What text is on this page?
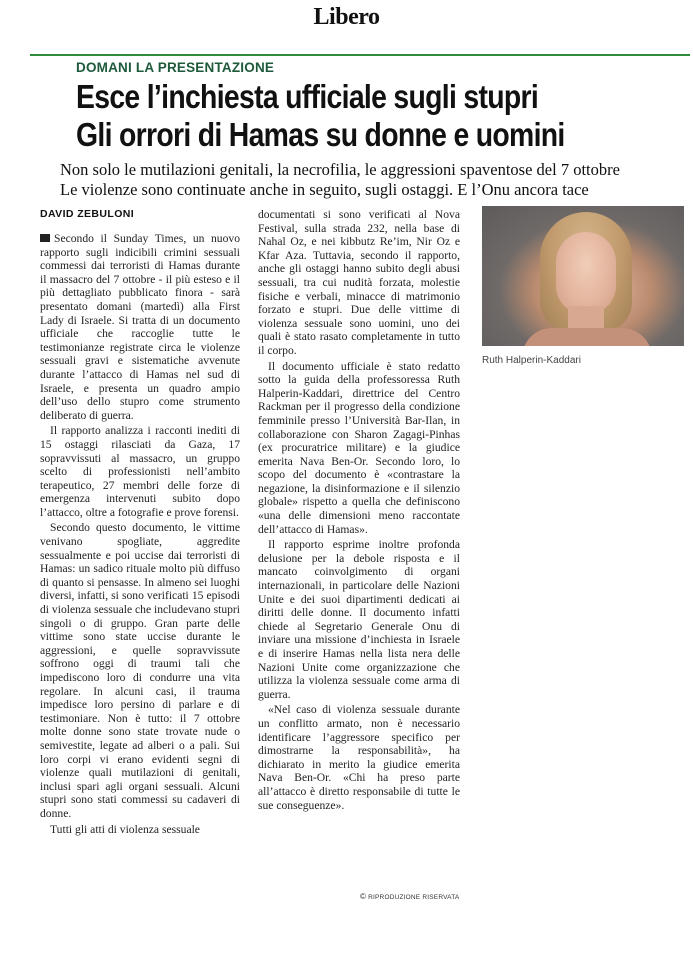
Libero
DOMANI LA PRESENTAZIONE
Esce l’inchiesta ufficiale sugli stupri
Gli orrori di Hamas su donne e uomini
Non solo le mutilazioni genitali, la necrofilia, le aggressioni spaventose del 7 ottobre
Le violenze sono continuate anche in seguito, sugli ostaggi. E l’Onu ancora tace
DAVID ZEBULONI

Secondo il Sunday Times, un nuovo rapporto sugli indicibili crimini sessuali commessi dai terroristi di Hamas durante il massacro del 7 ottobre - il più esteso e il più dettagliato pubblicato finora - sarà presentato domani (martedì) alla First Lady di Israele. Si tratta di un documento ufficiale che raccoglie tutte le testimonianze registrate circa le violenze sessuali gravi e sistematiche avvenute durante l’attacco di Hamas nel sud di Israele, e presenta un quadro ampio dell’uso dello stupro come strumento deliberato di guerra.

Il rapporto analizza i racconti inediti di 15 ostaggi rilasciati da Gaza, 17 sopravvissuti al massacro, un gruppo scelto di professionisti nell’ambito terapeutico, 27 membri delle forze di emergenza intervenuti subito dopo l’attacco, oltre a fotografie e prove forensi.

Secondo questo documento, le vittime venivano spogliate, aggredite sessualmente e poi uccise dai terroristi di Hamas: un sadico rituale molto più diffuso di quanto si pensasse. In almeno sei luoghi diversi, infatti, si sono verificati 15 episodi di violenza sessuale che includevano stupri singoli o di gruppo. Gran parte delle vittime sono state uccise durante le aggressioni, e quelle sopravvissute soffrono oggi di traumi tali che impediscono loro di condurre una vita regolare. In alcuni casi, il trauma impedisce loro persino di parlare e di testimoniare. Non è tutto: il 7 ottobre molte donne sono state trovate nude o semivestite, legate ad alberi o a pali. Sui loro corpi vi erano evidenti segni di violenze quali mutilazioni di genitali, inclusi spari agli organi sessuali. Alcuni stupri sono stati commessi su cadaveri di donne.

Tutti gli atti di violenza sessuale

documentati si sono verificati al Nova Festival, sulla strada 232, nella base di Nahal Oz, e nei kibbutz Re’im, Nir Oz e Kfar Aza. Tuttavia, secondo il rapporto, anche gli ostaggi hanno subito degli abusi sessuali, tra cui nudità forzata, molestie fisiche e verbali, minacce di matrimonio forzato e stupri. Due delle vittime di violenza sessuale sono uomini, uno dei quali è stato rasato completamente in tutto il corpo.

Il documento ufficiale è stato redatto sotto la guida della professoressa Ruth Halperin-Kaddari, direttrice del Centro Rackman per il progresso della condizione femminile presso l’Università Bar-Ilan, in collaborazione con Sharon Zagagi-Pinhas (ex procuratrice militare) e la giudice emerita Nava Ben-Or. Secondo loro, lo scopo del documento è «contrastare la negazione, la disinformazione e il silenzio globale» rispetto a quella che definiscono «una delle dimensioni meno raccontate dell’attacco di Hamas».

Il rapporto esprime inoltre profonda delusione per la debole risposta e il mancato coinvolgimento di organi internazionali, in particolare delle Nazioni Unite e dei suoi dipartimenti dedicati ai diritti delle donne. Il documento infatti chiede al Segretario Generale Onu di inviare una missione d’inchiesta in Israele e di inserire Hamas nella lista nera delle Nazioni Unite come organizzazione che utilizza la violenza sessuale come arma di guerra.

«Nel caso di violenza sessuale durante un conflitto armato, non è necessario identificare l’aggressore specifico per dimostrarne la responsabilità», ha dichiarato in merito la giudice emerita Nava Ben-Or. «Chi ha preso parte all’attacco è diretto responsabile di tutte le sue conseguenze».

Ruth Halperin-Kaddari
© RIPRODUZIONE RISERVATA
